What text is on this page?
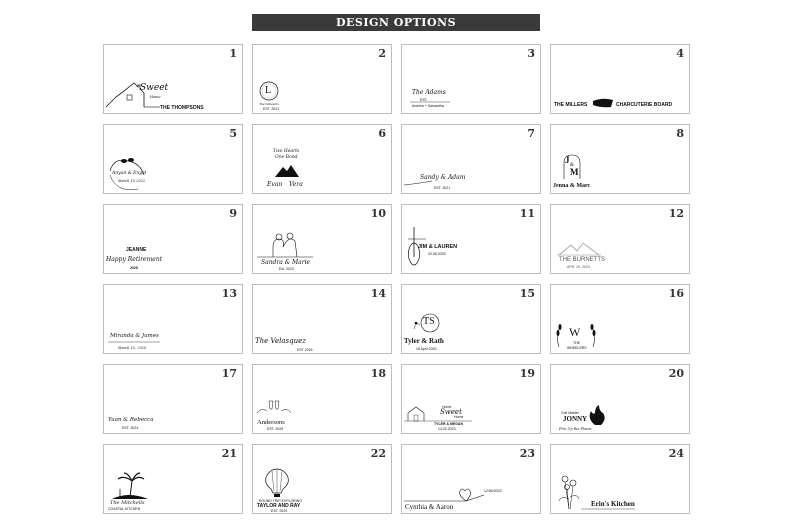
DESIGN OPTIONS
1
Sweet
Home
THE THOMPSONS
2
L
The Lilbeards
EST. 2021
3
The Adams
EST.
Andrew + Samantha
4
THE MILLERS	CHARCUTERIE BOARD
5
Anyan & Engel
March 15 2022
6
Two Hearts
One Bond
Evan Vera
7
Sandy & Adam
EST. 2021
8
J
&
M
Jenna & Marc
9
JEANNE
Happy Retirement
2025
10
Sandra & Marie
Est. 2023
11
JIM & LAUREN
02.08.2025
12
THE BURNETTS
APR. 26, 2023
13
Miranda & James
March 15, 2020
14
The Velasquez
EST 2015
15
TS
Tyler & Rath
16 April 2025
16
W
THE
WHEELERS
17
Yuan & Rebecca
EST. 2024
18
Andersons
EST. 2025
19
Home
Sweet
Home
TYLER & MEGAN
14.02.2023
20
Grill Master
JONNY
Fire Up the Flavor
21
The Mitchells
COASTAL KITCHEN
22
ROUND TRIP EXPLORING
TAYLOR AND RAY
EST. 2020
23
12/06/2023
Cynthia & Aaron
24
Erin's Kitchen
